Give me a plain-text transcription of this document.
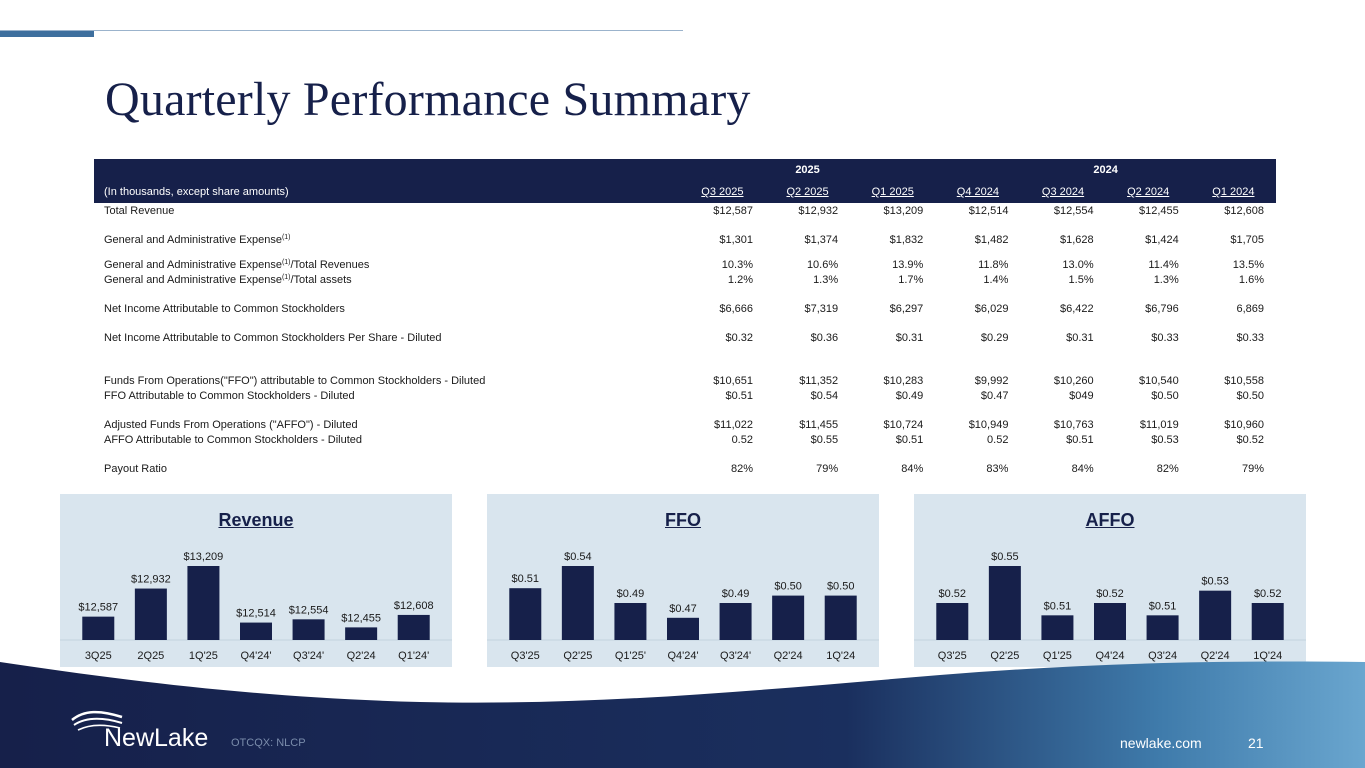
Quarterly Performance Summary
	2025			2024			
(In thousands, except share amounts)	Q3 2025	Q2 2025	Q1 2025	Q4 2024	Q3 2024	Q2 2024	Q1 2024
Total Revenue	$12,587	$12,932	$13,209	$12,514	$12,554	$12,455	$12,608

General and Administrative Expense$^{(1)}$	$1,301	$1,374	$1,832	$1,482	$1,628	$1,424	$1,705

General and Administrative Expense$^{(1)}$/Total Revenues	10.3%	10.6%	13.9%	11.8%	13.0%	11.4%	13.5%
General and Administrative Expense$^{(1)}$/Total assets	1.2%	1.3%	1.7%	1.4%	1.5%	1.3%	1.6%

Net Income Attributable to Common Stockholders	$6,666	$7,319	$6,297	$6,029	$6,422	$6,796	6,869

Net Income Attributable to Common Stockholders Per Share - Diluted	$0.32	$0.36	$0.31	$0.29	$0.31	$0.33	$0.33

Funds From Operations("FFO") attributable to Common Stockholders - Diluted	$10,651	$11,352	$10,283	$9,992	$10,260	$10,540	$10,558
FFO Attributable to Common Stockholders - Diluted	$0.51	$0.54	$0.49	$0.47	$049	$0.50	$0.50

Adjusted Funds From Operations ("AFFO") - Diluted	$11,022	$11,455	$10,724	$10,949	$10,763	$11,019	$10,960
AFFO Attributable to Common Stockholders - Diluted	0.52	$0.55	$0.51	0.52	$0.51	$0.53	$0.52

Payout Ratio	82%	79%	84%	83%	84%	82%	79%
Revenue
$12,587
3Q25
$12,932
2Q25
$13,209
1Q'25
$12,514
Q4'24'
$12,554
Q3'24'
$12,455
Q2'24
$12,608
Q1'24'
FFO
$0.51
Q3'25
$0.54
Q2'25
$0.49
Q1'25'
$0.47
Q4'24'
$0.49
Q3'24'
$0.50
Q2'24
$0.50
1Q'24
AFFO
$0.52
Q3'25
$0.55
Q2'25
$0.51
Q1'25
$0.52
Q4'24
$0.51
Q3'24
$0.53
Q2'24
$0.52
1Q'24
NewLake OTCQX: NLCP	newlake.com	21
